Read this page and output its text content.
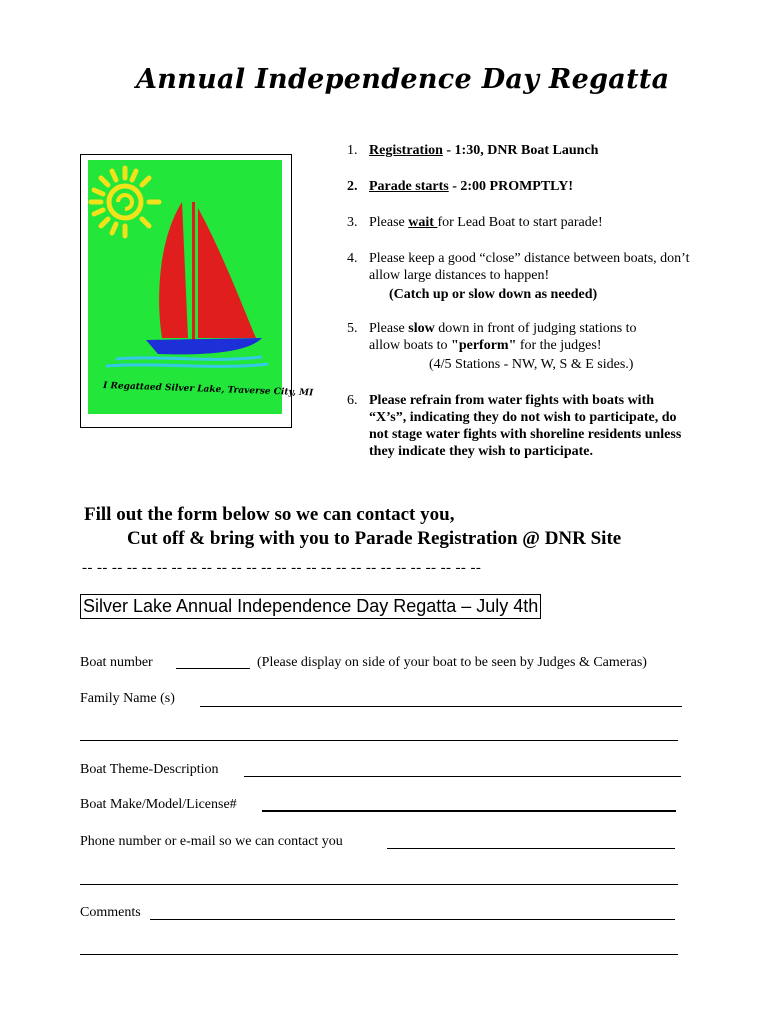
Annual Independence Day Regatta
I Regattaed Silver Lake, Traverse City, MI
1. Registration - 1:30, DNR Boat Launch
2. Parade starts - 2:00 PROMPTLY!
3. Please wait for Lead Boat to start parade!
4. Please keep a good “close” distance between boats, don’t allow large distances to happen!
(Catch up or slow down as needed)
5. Please slow down in front of judging stations to allow boats to "perform" for the judges!
(4/5 Stations - NW, W, S & E sides.)
6. Please refrain from water fights with boats with “X’s”, indicating they do not wish to participate, do not stage water fights with shoreline residents unless they indicate they wish to participate.
Fill out the form below so we can contact you,
Cut off & bring with you to Parade Registration @ DNR Site
-- -- -- -- -- -- -- -- -- -- -- -- -- -- -- -- -- -- -- -- -- -- -- -- -- -- --
Silver Lake Annual Independence Day Regatta – July 4th
Boat number	(Please display on side of your boat to be seen by Judges & Cameras)
Family Name (s)
Boat Theme-Description
Boat Make/Model/License#
Phone number or e-mail so we can contact you
Comments
